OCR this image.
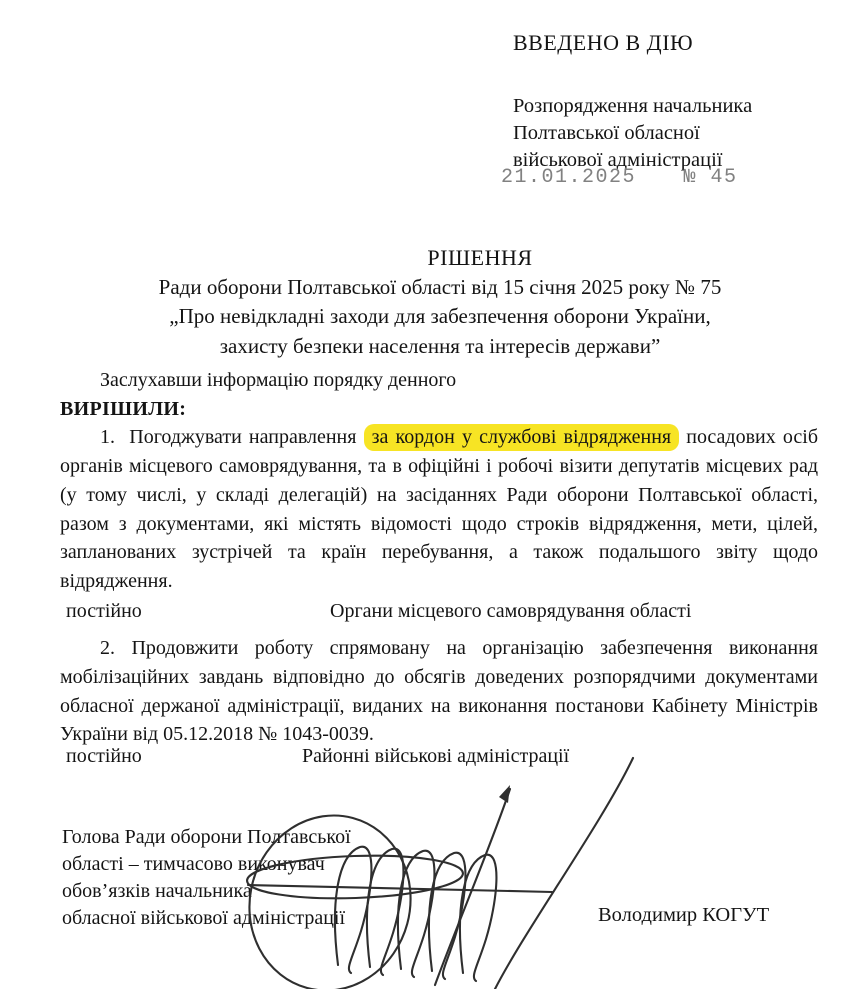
ВВЕДЕНО В ДІЮ
Розпорядження начальника
Полтавської обласної
військової адміністрації
21.01.2025 № 45
РІШЕННЯ
Ради оборони Полтавської області від 15 січня 2025 року № 75
„Про невідкладні заходи для забезпечення оборони України,
захисту безпеки населення та інтересів держави”

Заслухавши інформацію порядку денного

ВИРІШИЛИ:

1.  Погоджувати направлення за кордон у службові відрядження посадових осіб органів місцевого самоврядування, та в офіційні і робочі візити депутатів місцевих рад (у тому числі, у складі делегацій) на засіданнях Ради оборони Полтавської області, разом з документами, які містять відомості щодо строків відрядження, мети, цілей, запланованих зустрічей та країн перебування, а також подальшого звіту щодо відрядження.

постійно	Органи місцевого самоврядування області

2. Продовжити роботу спрямовану на організацію забезпечення виконання мобілізаційних завдань відповідно до обсягів доведених розпорядчими документами обласної держаної адміністрації, виданих на виконання постанови Кабінету Міністрів України від 05.12.2018 № 1043-0039.

постійно	Районні військові адміністрації
Голова Ради оборони Полтавської
області – тимчасово виконувач
обов’язків начальника
обласної військової адміністрації	Володимир КОГУТ
